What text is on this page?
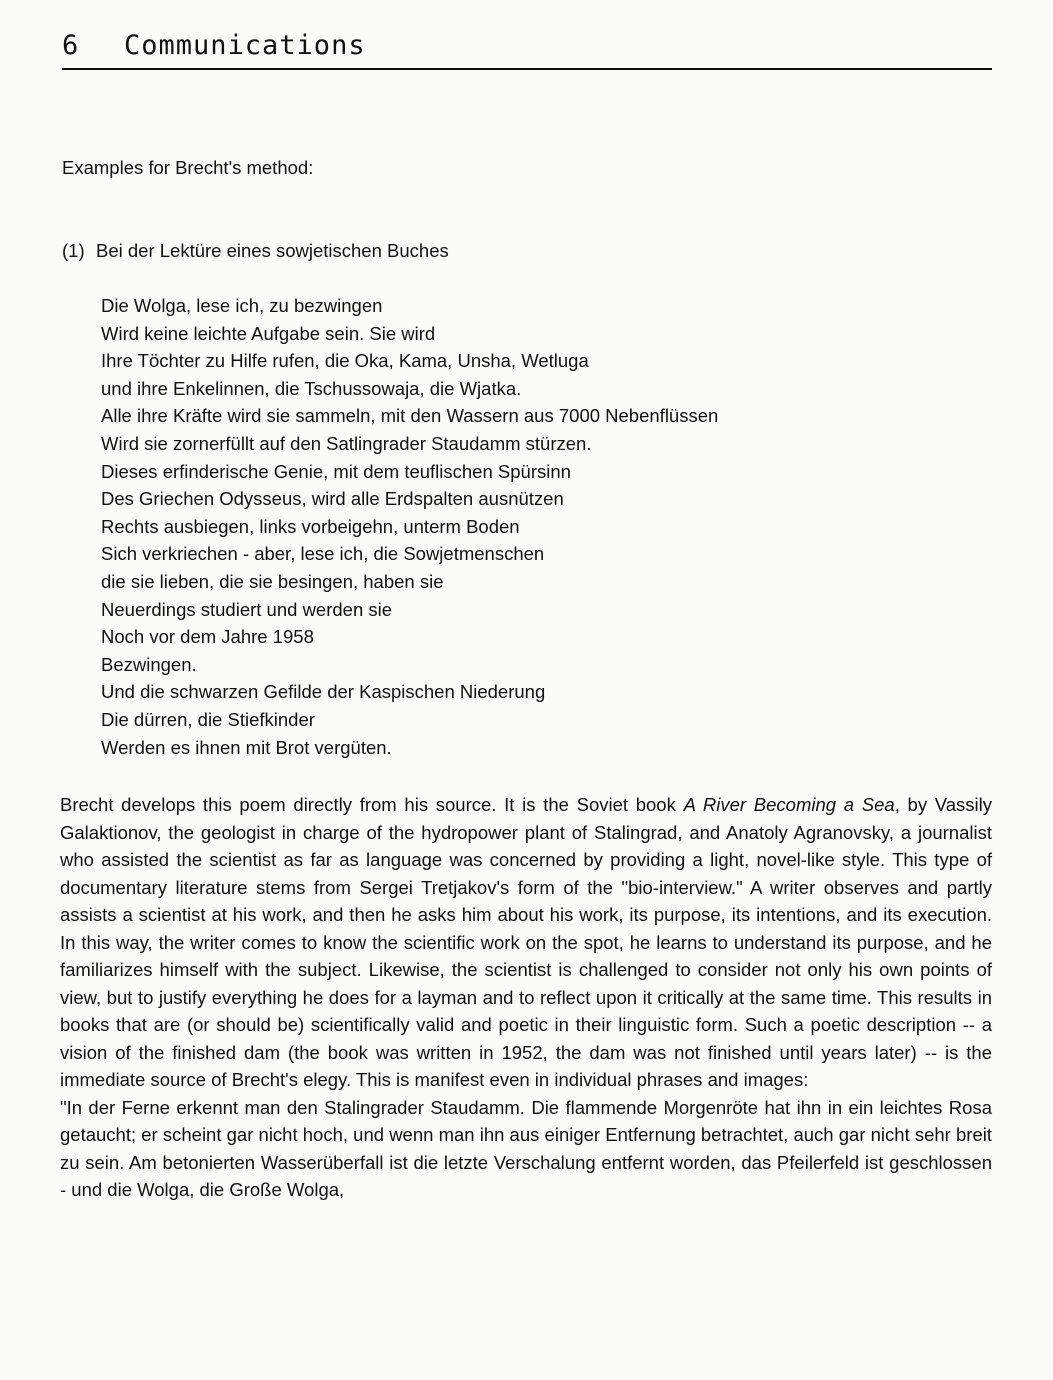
6 Communications
Examples for Brecht's method:
(1) Bei der Lektüre eines sowjetischen Buches
Die Wolga, lese ich, zu bezwingen
Wird keine leichte Aufgabe sein. Sie wird
Ihre Töchter zu Hilfe rufen, die Oka, Kama, Unsha, Wetluga
und ihre Enkelinnen, die Tschussowaja, die Wjatka.
Alle ihre Kräfte wird sie sammeln, mit den Wassern aus 7000 Nebenflüssen
Wird sie zornerfüllt auf den Satlingrader Staudamm stürzen.
Dieses erfinderische Genie, mit dem teuflischen Spürsinn
Des Griechen Odysseus, wird alle Erdspalten ausnützen
Rechts ausbiegen, links vorbeigehn, unterm Boden
Sich verkriechen - aber, lese ich, die Sowjetmenschen
die sie lieben, die sie besingen, haben sie
Neuerdings studiert und werden sie
Noch vor dem Jahre 1958
Bezwingen.
Und die schwarzen Gefilde der Kaspischen Niederung
Die dürren, die Stiefkinder
Werden es ihnen mit Brot vergüten.

Brecht develops this poem directly from his source. It is the Soviet book A River Becoming a Sea, by Vassily Galaktionov, the geologist in charge of the hydropower plant of Stalingrad, and Anatoly Agranovsky, a journalist who assisted the scientist as far as language was concerned by providing a light, novel-like style. This type of documentary literature stems from Sergei Tretjakov's form of the "bio-interview." A writer observes and partly assists a scientist at his work, and then he asks him about his work, its purpose, its intentions, and its execution. In this way, the writer comes to know the scientific work on the spot, he learns to understand its purpose, and he familiarizes himself with the subject. Likewise, the scientist is challenged to consider not only his own points of view, but to justify everything he does for a layman and to reflect upon it critically at the same time. This results in books that are (or should be) scientifically valid and poetic in their linguistic form. Such a poetic description -- a vision of the finished dam (the book was written in 1952, the dam was not finished until years later) -- is the immediate source of Brecht's elegy. This is manifest even in individual phrases and images:

"In der Ferne erkennt man den Stalingrader Staudamm. Die flammende Morgenröte hat ihn in ein leichtes Rosa getaucht; er scheint gar nicht hoch, und wenn man ihn aus einiger Entfernung betrachtet, auch gar nicht sehr breit zu sein. Am betonierten Wasserüberfall ist die letzte Verschalung entfernt worden, das Pfeilerfeld ist geschlossen - und die Wolga, die Große Wolga,
